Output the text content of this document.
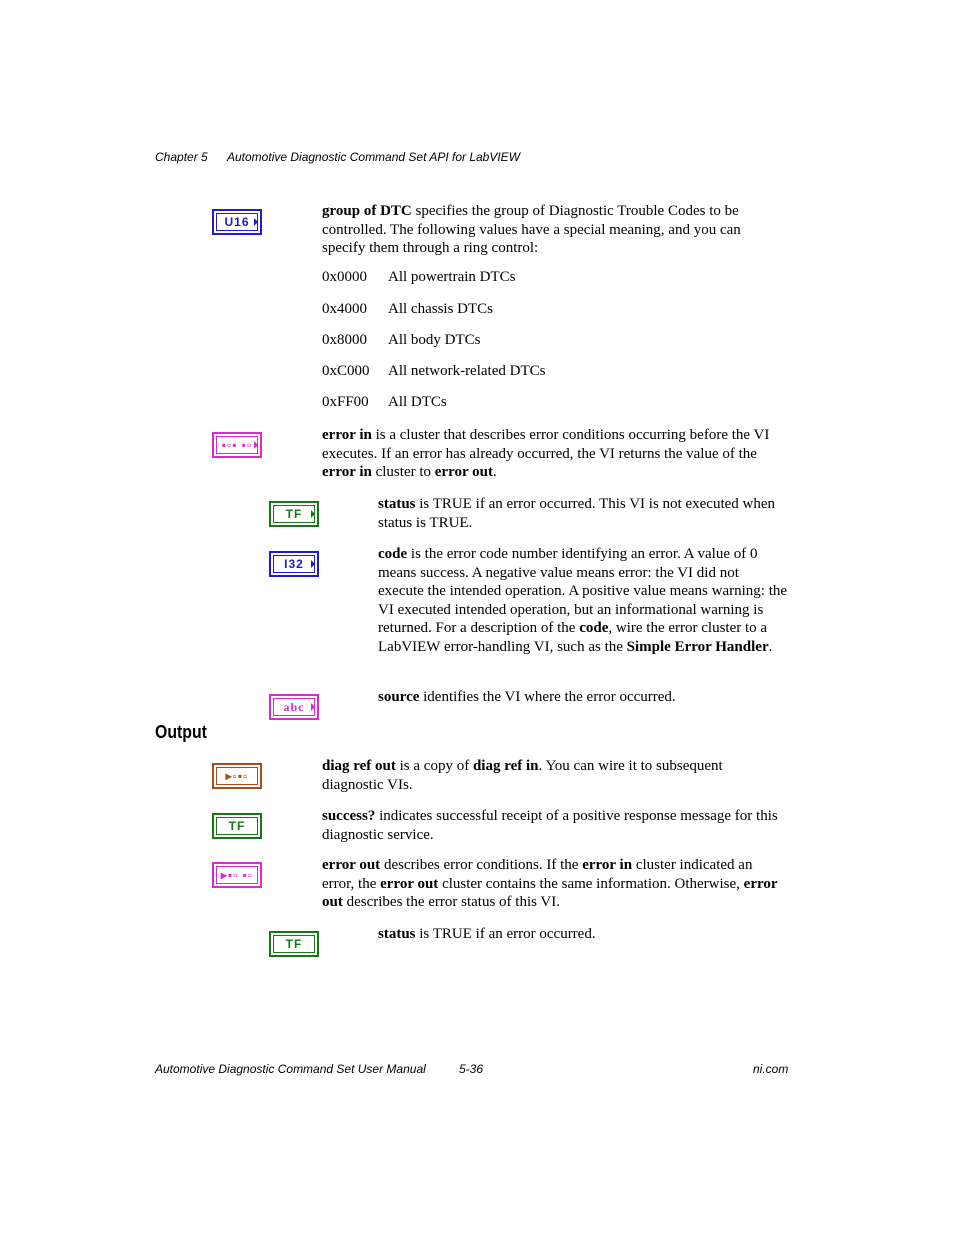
Chapter 5 Automotive Diagnostic Command Set API for LabVIEW
U16
group of DTC specifies the group of Diagnostic Trouble Codes to be controlled. The following values have a special meaning, and you can specify them through a ring control:
0x0000 All powertrain DTCs
0x4000 All chassis DTCs
0x8000 All body DTCs
0xC000 All network-related DTCs
0xFF00 All DTCs
▪▫▪ ▪▫
error in is a cluster that describes error conditions occurring before the VI executes. If an error has already occurred, the VI returns the value of the error in cluster to error out.
TF
status is TRUE if an error occurred. This VI is not executed when status is TRUE.
I32
code is the error code number identifying an error. A value of 0 means success. A negative value means error: the VI did not execute the intended operation. A positive value means warning: the VI executed intended operation, but an informational warning is returned. For a description of the code, wire the error cluster to a LabVIEW error-handling VI, such as the Simple Error Handler.
abc
source identifies the VI where the error occurred.
Output
▸▫▪▫
diag ref out is a copy of diag ref in. You can wire it to subsequent diagnostic VIs.
TF
success? indicates successful receipt of a positive response message for this diagnostic service.
▸▪▫ ▪▫
error out describes error conditions. If the error in cluster indicated an error, the error out cluster contains the same information. Otherwise, error out describes the error status of this VI.
TF
status is TRUE if an error occurred.
Automotive Diagnostic Command Set User Manual	5-36	ni.com
